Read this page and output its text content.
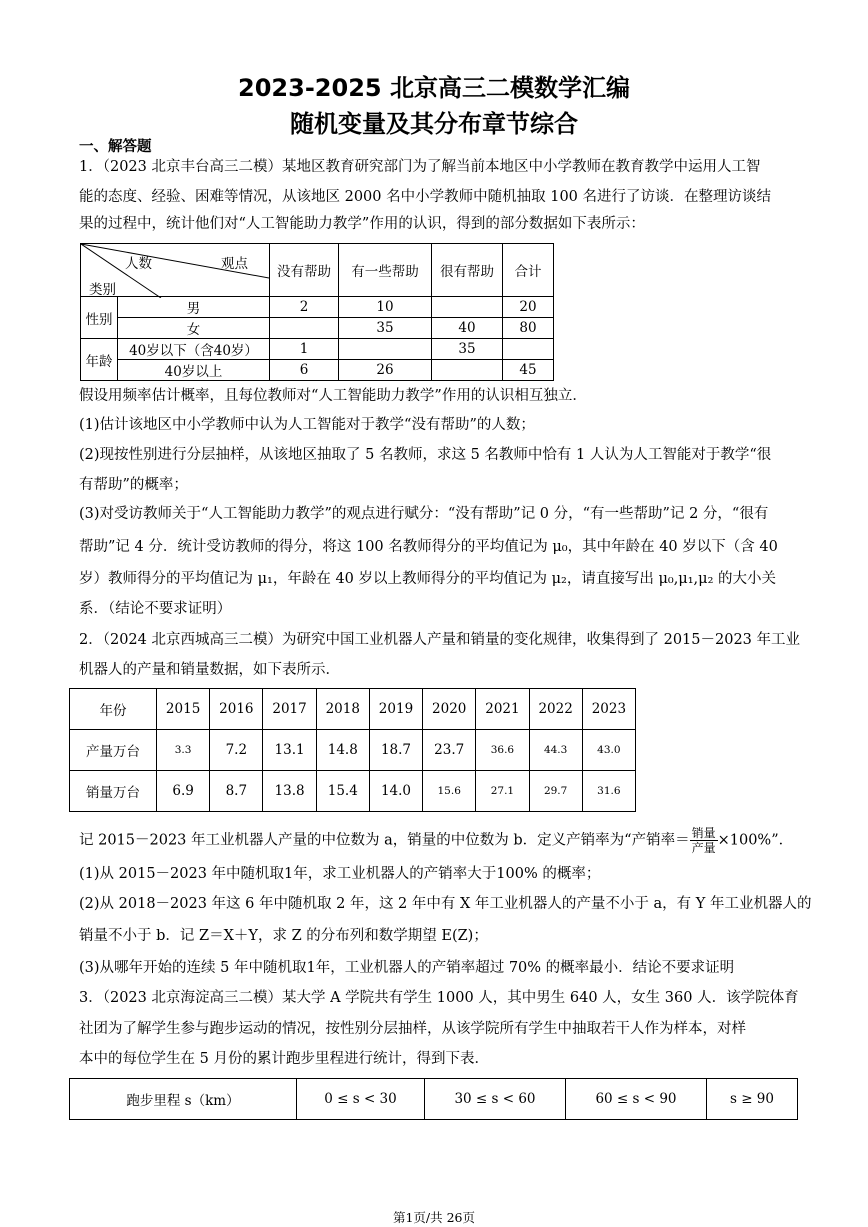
2023-2025 北京高三二模数学汇编
随机变量及其分布章节综合
一、解答题
1．（2023 北京丰台高三二模）某地区教育研究部门为了解当前本地区中小学教师在教育教学中运用人工智
能的态度、经验、困难等情况，从该地区 2000 名中小学教师中随机抽取 100 名进行了访谈．在整理访谈结
果的过程中，统计他们对“人工智能助力教学”作用的认识，得到的部分数据如下表所示：
人数 观点
类别		没有帮助	有一些帮助	很有帮助	合计
性别	男	2	10		20
	女		35	40	80
年龄	40岁以下（含40岁）	1		35	
	40岁以上	6	26		45
假设用频率估计概率，且每位教师对“人工智能助力教学”作用的认识相互独立．
(1)估计该地区中小学教师中认为人工智能对于教学“没有帮助”的人数；
(2)现按性别进行分层抽样，从该地区抽取了 5 名教师，求这 5 名教师中恰有 1 人认为人工智能对于教学“很
有帮助”的概率；
(3)对受访教师关于“人工智能助力教学”的观点进行赋分：“没有帮助”记 0 分，“有一些帮助”记 2 分，“很有
帮助”记 4 分．统计受访教师的得分，将这 100 名教师得分的平均值记为 μ₀，其中年龄在 40 岁以下（含 40
岁）教师得分的平均值记为 μ₁，年龄在 40 岁以上教师得分的平均值记为 μ₂，请直接写出 μ₀,μ₁,μ₂ 的大小关
系．（结论不要求证明）
2．（2024 北京西城高三二模）为研究中国工业机器人产量和销量的变化规律，收集得到了 2015－2023 年工业
机器人的产量和销量数据，如下表所示．
年份	2015	2016	2017	2018	2019	2020	2021	2022	2023
产量万台	3.3	7.2	13.1	14.8	18.7	23.7	36.6	44.3	43.0
销量万台	6.9	8.7	13.8	15.4	14.0	15.6	27.1	29.7	31.6
记 2015－2023 年工业机器人产量的中位数为 a，销量的中位数为 b．定义产销率为“产销率＝ $\frac{\text{销量}}{\text{产量}} \times 100\%$”．
(1)从 2015－2023 年中随机取1年，求工业机器人的产销率大于100% 的概率；
(2)从 2018－2023 年这 6 年中随机取 2 年，这 2 年中有 X 年工业机器人的产量不小于 a，有 Y 年工业机器人的
销量不小于 b．记 Z＝X＋Y，求 Z 的分布列和数学期望 E(Z)；
(3)从哪年开始的连续 5 年中随机取1年，工业机器人的产销率超过 70% 的概率最小．结论不要求证明
3．（2023 北京海淀高三二模）某大学 A 学院共有学生 1000 人，其中男生 640 人，女生 360 人．该学院体育
社团为了解学生参与跑步运动的情况，按性别分层抽样，从该学院所有学生中抽取若干人作为样本，对样
本中的每位学生在 5 月份的累计跑步里程进行统计，得到下表．
跑步里程 s（km）	0 ≤ s < 30	30 ≤ s < 60	60 ≤ s < 90	s ≥ 90
第1页/共 26页
